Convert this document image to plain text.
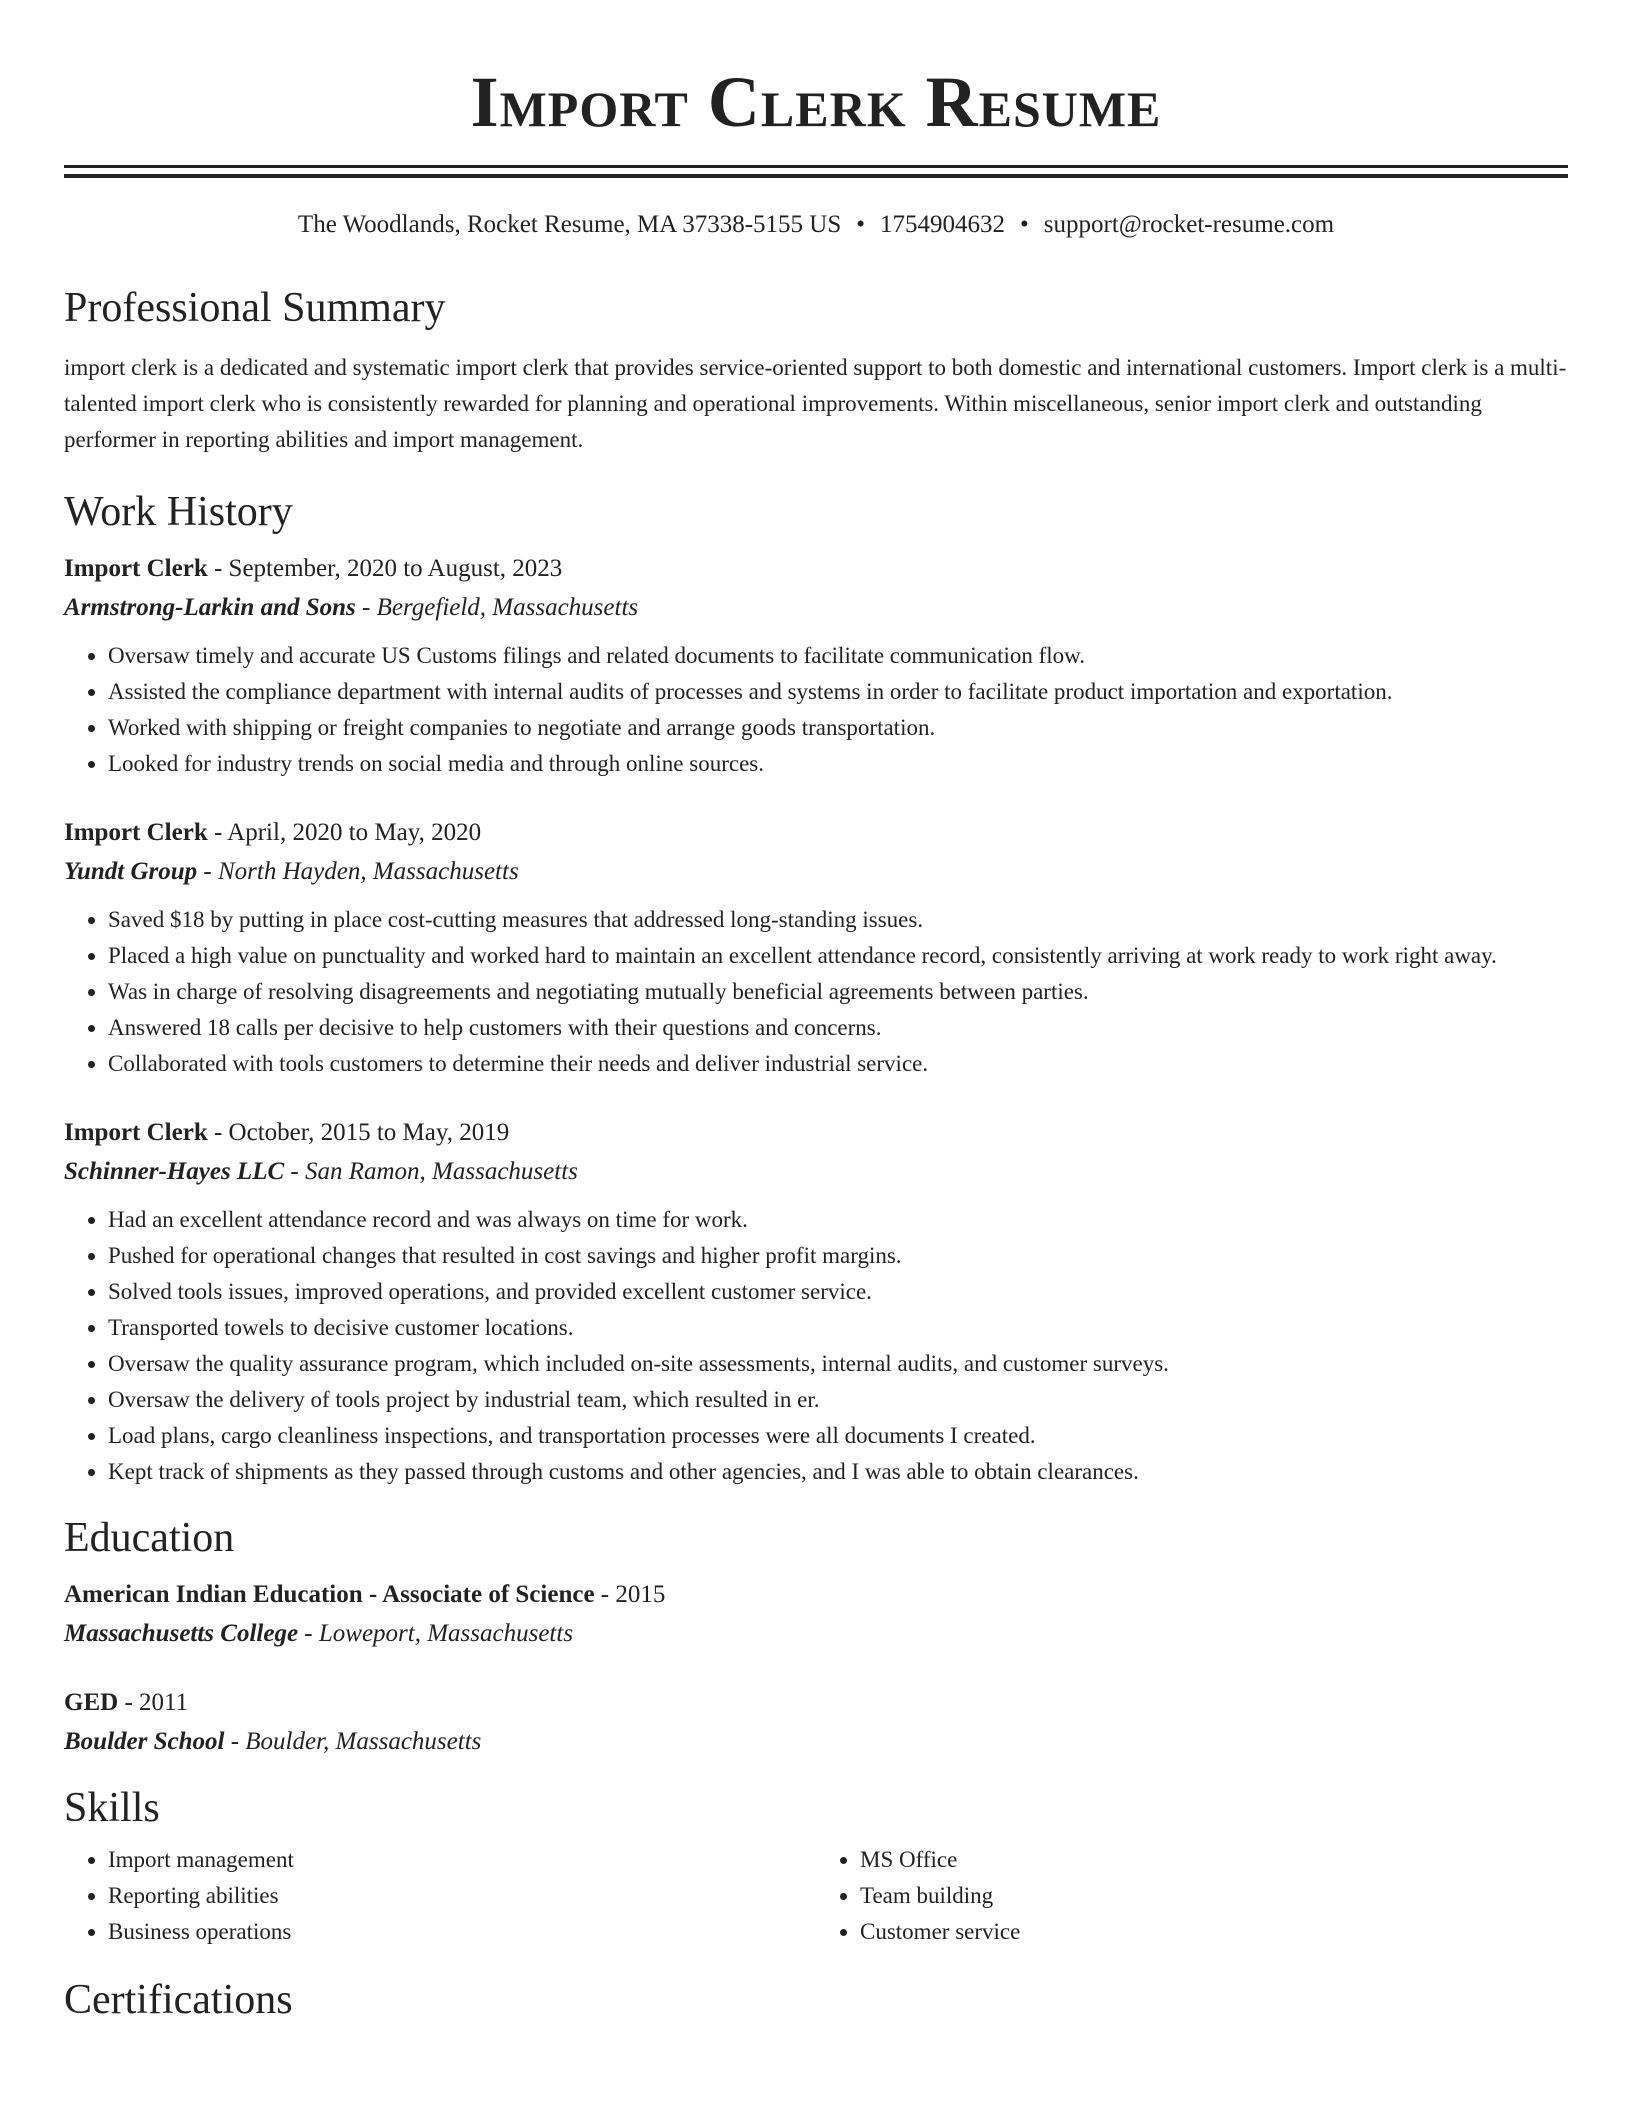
Import Clerk Resume
The Woodlands, Rocket Resume, MA 37338-5155 US • 1754904632 • support@rocket-resume.com
Professional Summary

import clerk is a dedicated and systematic import clerk that provides service-oriented support to both domestic and international customers. Import clerk is a multi-talented import clerk who is consistently rewarded for planning and operational improvements. Within miscellaneous, senior import clerk and outstanding performer in reporting abilities and import management.

Work History
Import Clerk - September, 2020 to August, 2023
Armstrong-Larkin and Sons - Bergefield, Massachusetts
• Oversaw timely and accurate US Customs filings and related documents to facilitate communication flow.
• Assisted the compliance department with internal audits of processes and systems in order to facilitate product importation and exportation.
• Worked with shipping or freight companies to negotiate and arrange goods transportation.
• Looked for industry trends on social media and through online sources.
Import Clerk - April, 2020 to May, 2020
Yundt Group - North Hayden, Massachusetts
• Saved $18 by putting in place cost-cutting measures that addressed long-standing issues.
• Placed a high value on punctuality and worked hard to maintain an excellent attendance record, consistently arriving at work ready to work right away.
• Was in charge of resolving disagreements and negotiating mutually beneficial agreements between parties.
• Answered 18 calls per decisive to help customers with their questions and concerns.
• Collaborated with tools customers to determine their needs and deliver industrial service.
Import Clerk - October, 2015 to May, 2019
Schinner-Hayes LLC - San Ramon, Massachusetts
• Had an excellent attendance record and was always on time for work.
• Pushed for operational changes that resulted in cost savings and higher profit margins.
• Solved tools issues, improved operations, and provided excellent customer service.
• Transported towels to decisive customer locations.
• Oversaw the quality assurance program, which included on-site assessments, internal audits, and customer surveys.
• Oversaw the delivery of tools project by industrial team, which resulted in er.
• Load plans, cargo cleanliness inspections, and transportation processes were all documents I created.
• Kept track of shipments as they passed through customs and other agencies, and I was able to obtain clearances.
Education
American Indian Education - Associate of Science - 2015
Massachusetts College - Loweport, Massachusetts
GED - 2011
Boulder School - Boulder, Massachusetts
Skills
• Import management
• Reporting abilities
• Business operations
• MS Office
• Team building
• Customer service
Certifications
